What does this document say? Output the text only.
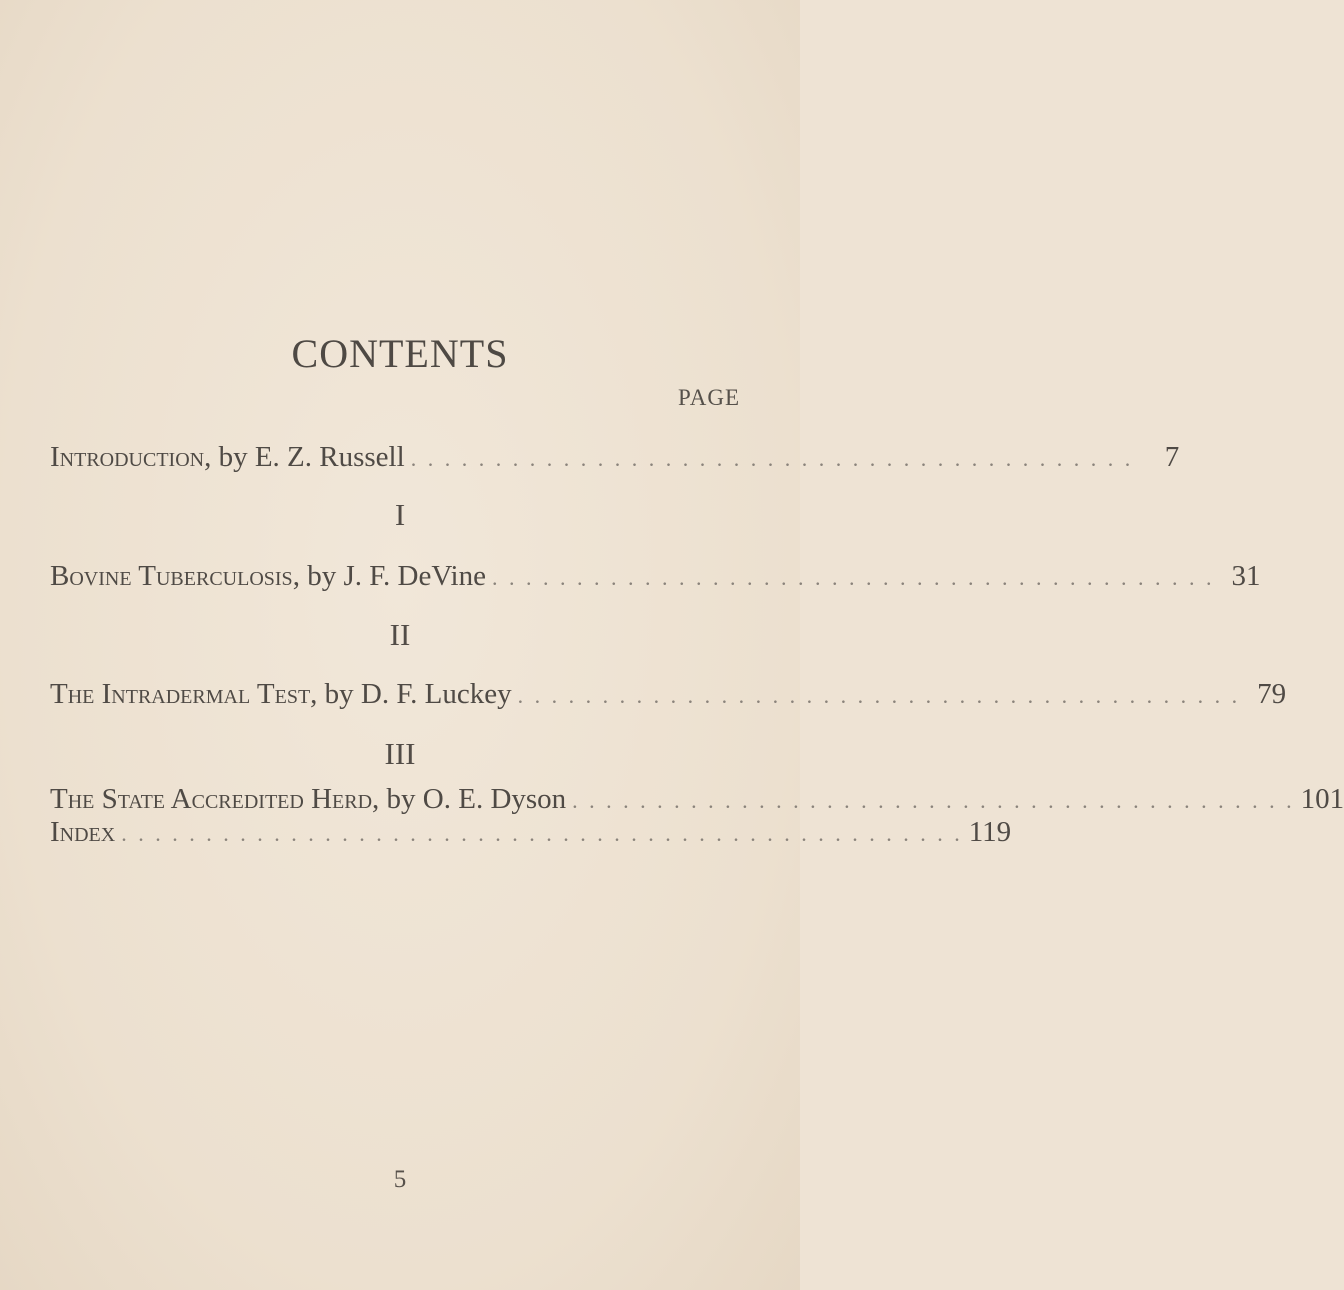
CONTENTS
PAGE
Introduction, by E. Z. Russell . . . . . . . . . . . . . . . . . . . . . . . . . . . . . . . . . . . . . . . . . . .	7
I
Bovine Tuberculosis, by J. F. DeVine . . . . . . . . . . . . . . . . . . . . . . . . . . . . . . . . . . . . . . . . . . . 31
II
The Intradermal Test, by D. F. Luckey . . . . . . . . . . . . . . . . . . . . . . . . . . . . . . . . . . . . . . . . . . . 79
III
The State Accredited Herd, by O. E. Dyson . . . . . . . . . . . . . . . . . . . . . . . . . . . . . . . . . . . . . . . . . . . 101
Index . . . . . . . . . . . . . . . . . . . . . . . . . . . . . . . . . . . . . . . . . . . . . . . . . . 119
5
